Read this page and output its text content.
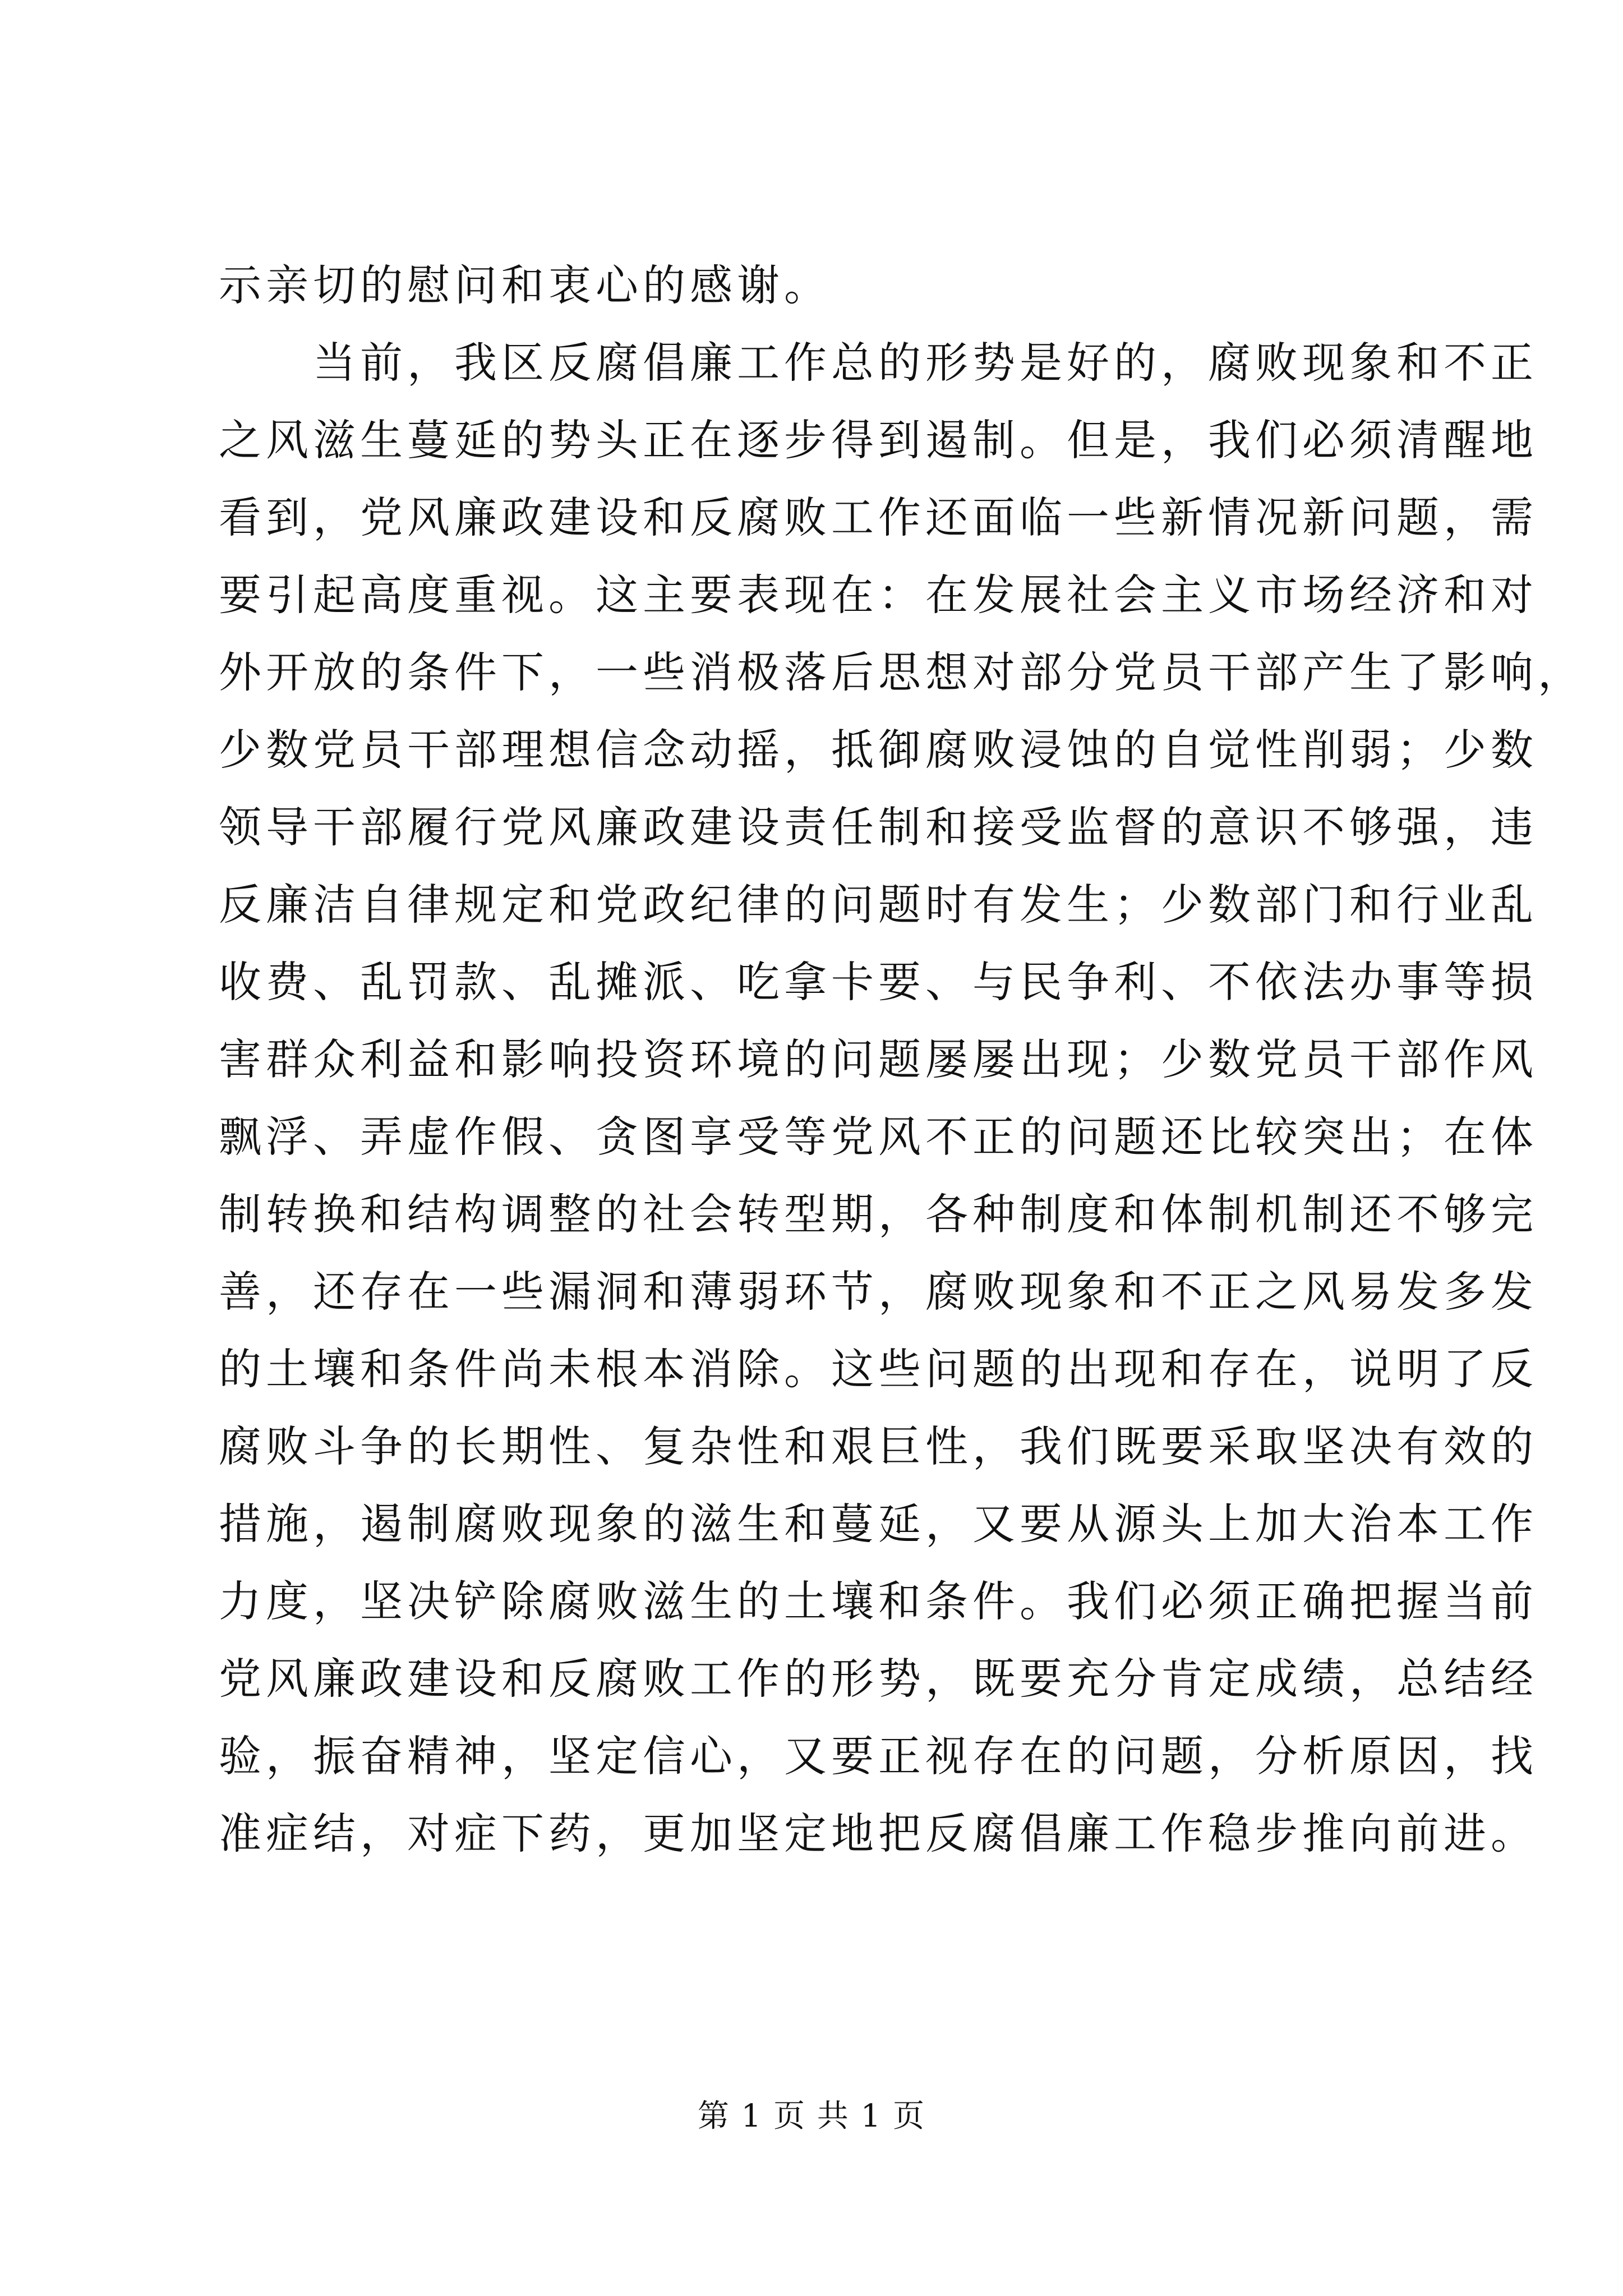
示亲切的慰问和衷心的感谢。
　　当前，我区反腐倡廉工作总的形势是好的，腐败现象和不正
之风滋生蔓延的势头正在逐步得到遏制。但是，我们必须清醒地
看到，党风廉政建设和反腐败工作还面临一些新情况新问题，需
要引起高度重视。这主要表现在：在发展社会主义市场经济和对
外开放的条件下，一些消极落后思想对部分党员干部产生了影响，
少数党员干部理想信念动摇，抵御腐败浸蚀的自觉性削弱；少数
领导干部履行党风廉政建设责任制和接受监督的意识不够强，违
反廉洁自律规定和党政纪律的问题时有发生；少数部门和行业乱
收费、乱罚款、乱摊派、吃拿卡要、与民争利、不依法办事等损
害群众利益和影响投资环境的问题屡屡出现；少数党员干部作风
飘浮、弄虚作假、贪图享受等党风不正的问题还比较突出；在体
制转换和结构调整的社会转型期，各种制度和体制机制还不够完
善，还存在一些漏洞和薄弱环节，腐败现象和不正之风易发多发
的土壤和条件尚未根本消除。这些问题的出现和存在，说明了反
腐败斗争的长期性、复杂性和艰巨性，我们既要采取坚决有效的
措施，遏制腐败现象的滋生和蔓延，又要从源头上加大治本工作
力度，坚决铲除腐败滋生的土壤和条件。我们必须正确把握当前
党风廉政建设和反腐败工作的形势，既要充分肯定成绩，总结经
验，振奋精神，坚定信心，又要正视存在的问题，分析原因，找
准症结，对症下药，更加坚定地把反腐倡廉工作稳步推向前进。
第 1 页 共 1 页
